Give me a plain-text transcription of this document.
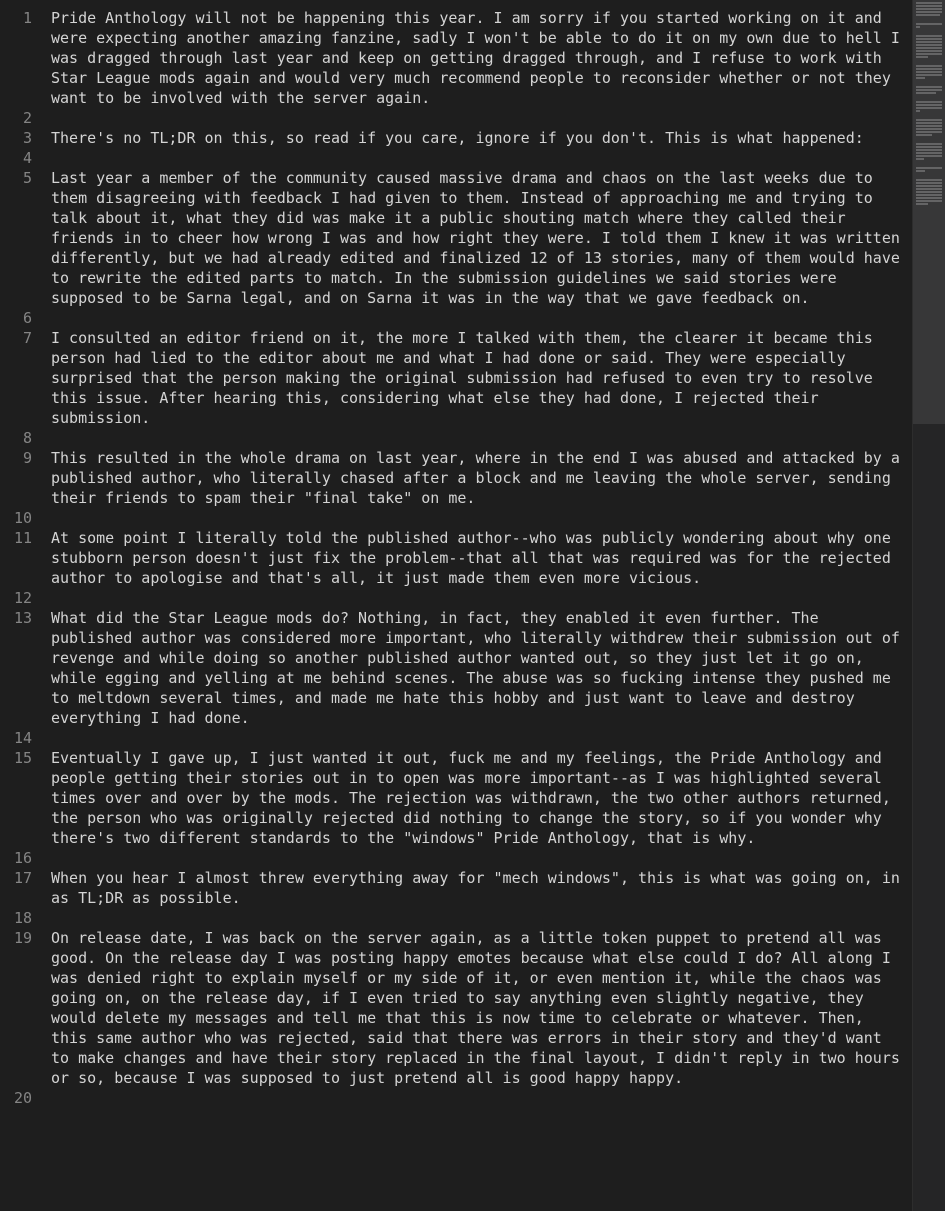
1 Pride Anthology will not be happening this year. I am sorry if you started working on it and were expecting another amazing fanzine, sadly I won't be able to do it on my own due to hell I was dragged through last year and keep on getting dragged through, and I refuse to work with Star League mods again and would very much recommend people to reconsider whether or not they want to be involved with the server again.
2
3 There's no TL;DR on this, so read if you care, ignore if you don't. This is what happened:
4
5 Last year a member of the community caused massive drama and chaos on the last weeks due to them disagreeing with feedback I had given to them. Instead of approaching me and trying to talk about it, what they did was make it a public shouting match where they called their friends in to cheer how wrong I was and how right they were. I told them I knew it was written differently, but we had already edited and finalized 12 of 13 stories, many of them would have to rewrite the edited parts to match. In the submission guidelines we said stories were supposed to be Sarna legal, and on Sarna it was in the way that we gave feedback on.
6
7 I consulted an editor friend on it, the more I talked with them, the clearer it became this person had lied to the editor about me and what I had done or said. They were especially surprised that the person making the original submission had refused to even try to resolve this issue. After hearing this, considering what else they had done, I rejected their submission.
8
9 This resulted in the whole drama on last year, where in the end I was abused and attacked by a published author, who literally chased after a block and me leaving the whole server, sending their friends to spam their "final take" on me.
10
11 At some point I literally told the published author--who was publicly wondering about why one stubborn person doesn't just fix the problem--that all that was required was for the rejected author to apologise and that's all, it just made them even more vicious.
12
13 What did the Star League mods do? Nothing, in fact, they enabled it even further. The published author was considered more important, who literally withdrew their submission out of revenge and while doing so another published author wanted out, so they just let it go on, while egging and yelling at me behind scenes. The abuse was so fucking intense they pushed me to meltdown several times, and made me hate this hobby and just want to leave and destroy everything I had done.
14
15 Eventually I gave up, I just wanted it out, fuck me and my feelings, the Pride Anthology and people getting their stories out in to open was more important--as I was highlighted several times over and over by the mods. The rejection was withdrawn, the two other authors returned, the person who was originally rejected did nothing to change the story, so if you wonder why there's two different standards to the "windows" Pride Anthology, that is why.
16
17 When you hear I almost threw everything away for "mech windows", this is what was going on, in as TL;DR as possible.
18
19 On release date, I was back on the server again, as a little token puppet to pretend all was good. On the release day I was posting happy emotes because what else could I do? All along I was denied right to explain myself or my side of it, or even mention it, while the chaos was going on, on the release day, if I even tried to say anything even slightly negative, they would delete my messages and tell me that this is now time to celebrate or whatever. Then, this same author who was rejected, said that there was errors in their story and they'd want to make changes and have their story replaced in the final layout, I didn't reply in two hours or so, because I was supposed to just pretend all is good happy happy.
20
